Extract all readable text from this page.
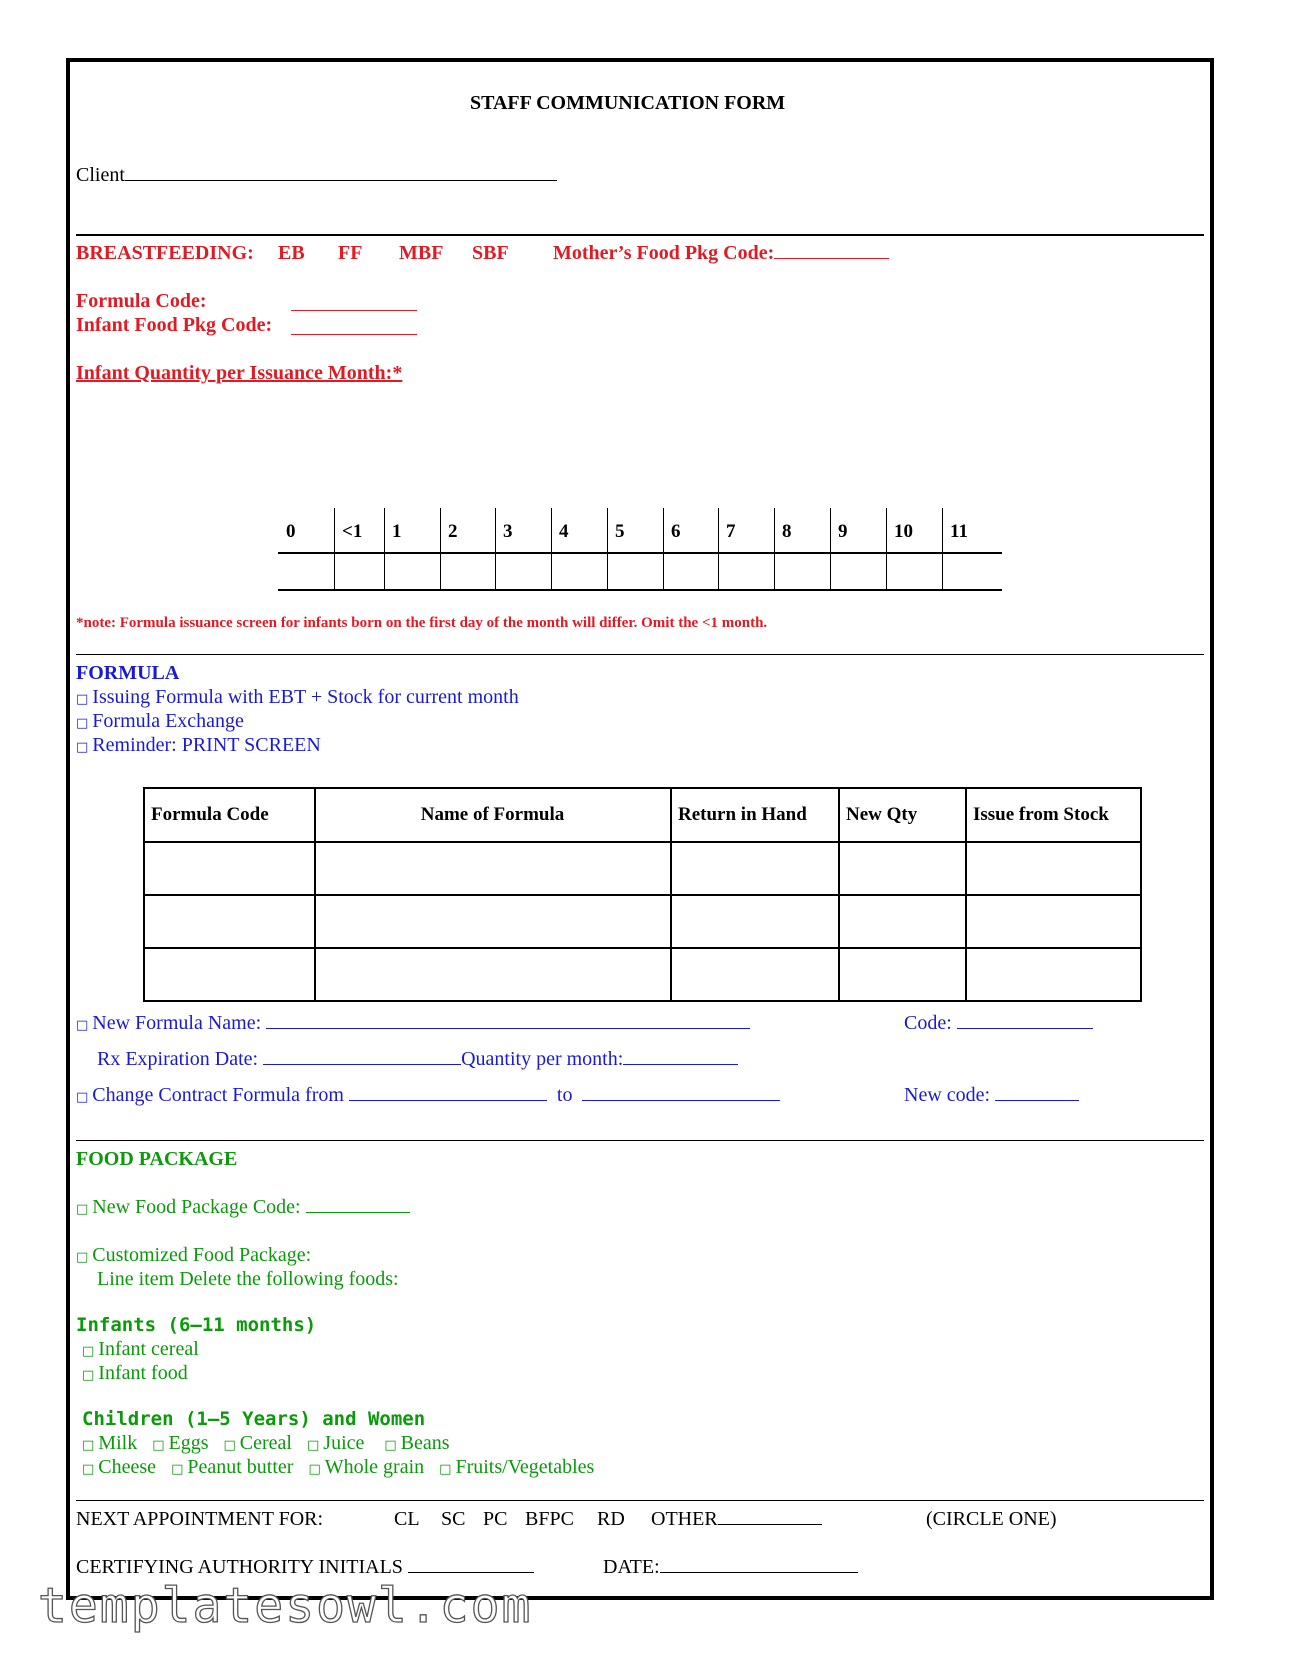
STAFF COMMUNICATION FORM
Client
BREASTFEEDING: EB FF MBF SBF Mother’s Food Pkg Code:
Formula Code:
Infant Food Pkg Code:
Infant Quantity per Issuance Month:*
0 <1 1 2 3 4 5 6 7 8 9 10 11
*note: Formula issuance screen for infants born on the first day of the month will differ. Omit the <1 month.
FORMULA
□ Issuing Formula with EBT + Stock for current month
□ Formula Exchange
□ Reminder: PRINT SCREEN
Formula Code	Name of Formula	Return in Hand	New Qty	Issue from Stock

□ New Formula Name:	Code:
Rx Expiration Date:	Quantity per month:
□ Change Contract Formula from	to	New code:
FOOD PACKAGE
□ New Food Package Code:
□ Customized Food Package:
Line item Delete the following foods:
Infants (6–11 months)
□ Infant cereal
□ Infant food
Children (1–5 Years) and Women
□ Milk □ Eggs □ Cereal □ Juice □ Beans
□ Cheese □ Peanut butter □ Whole grain □ Fruits/Vegetables
NEXT APPOINTMENT FOR:	CL SC PC BFPC RD OTHER	(CIRCLE ONE)
CERTIFYING AUTHORITY INITIALS	DATE:
templatesowl.com
